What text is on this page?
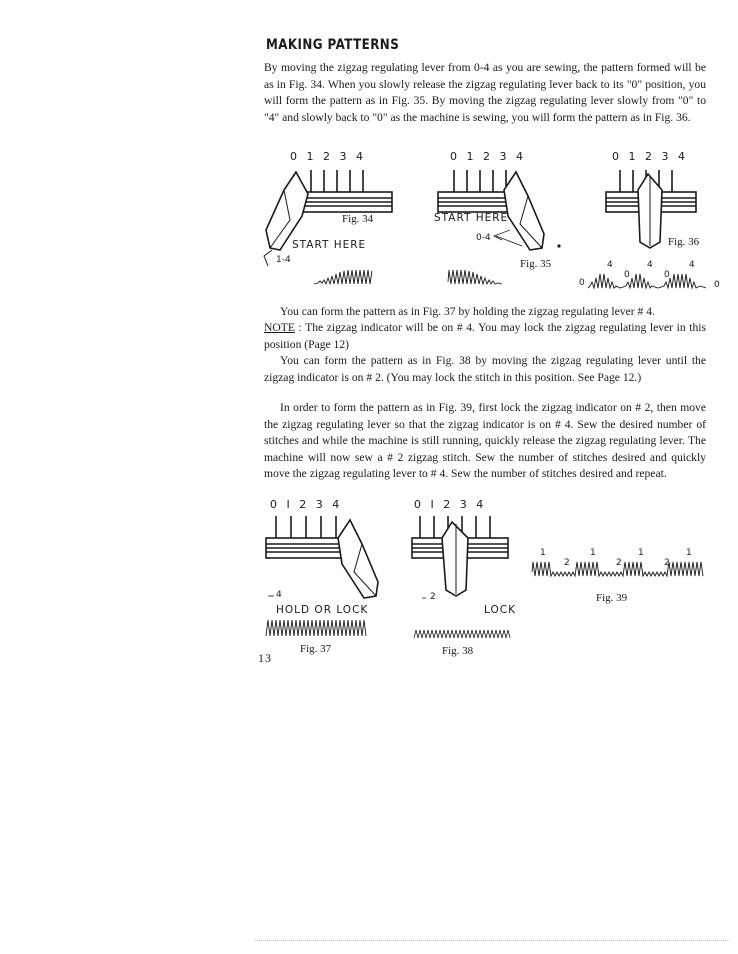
MAKING PATTERNS

By moving the zigzag regulating lever from 0-4 as you are sewing, the pattern formed will be as in Fig. 34. When you slowly release the zigzag regulating lever back to its "0" position, you will form the pattern as in Fig. 35. By moving the zigzag regulating lever slowly from "0" to "4" and slowly back to "0" as the machine is sewing, you will form the pattern as in Fig. 36.

0 1 2 3 4
Fig. 34
START HERE
1-4
0 1 2 3 4
START HERE
0-4
Fig. 35
0 1 2 3 4
Fig. 36
0
4
0
4
0
4
0

You can form the pattern as in Fig. 37 by holding the zigzag regulating lever # 4.

NOTE : The zigzag indicator will be on # 4. You may lock the zigzag regulating lever in this position (Page 12)

You can form the pattern as in Fig. 38 by moving the zigzag regulating lever until the zigzag indicator is on # 2. (You may lock the stitch in this position. See Page 12.)

In order to form the pattern as in Fig. 39, first lock the zigzag indicator on # 2, then move the zigzag regulating lever so that the zigzag indicator is on # 4. Sew the desired number of stitches and while the machine is still running, quickly release the zigzag regulating lever. The machine will now sew a # 2 zigzag stitch. Sew the number of stitches desired and quickly move the zigzag regulating lever to # 4. Sew the number of stitches desired and repeat.

0 I 2 3 4
4
HOLD OR LOCK
Fig. 37
0 I 2 3 4
2
LOCK
Fig. 38
1
2
1
2
1
2
1
Fig. 39
13
